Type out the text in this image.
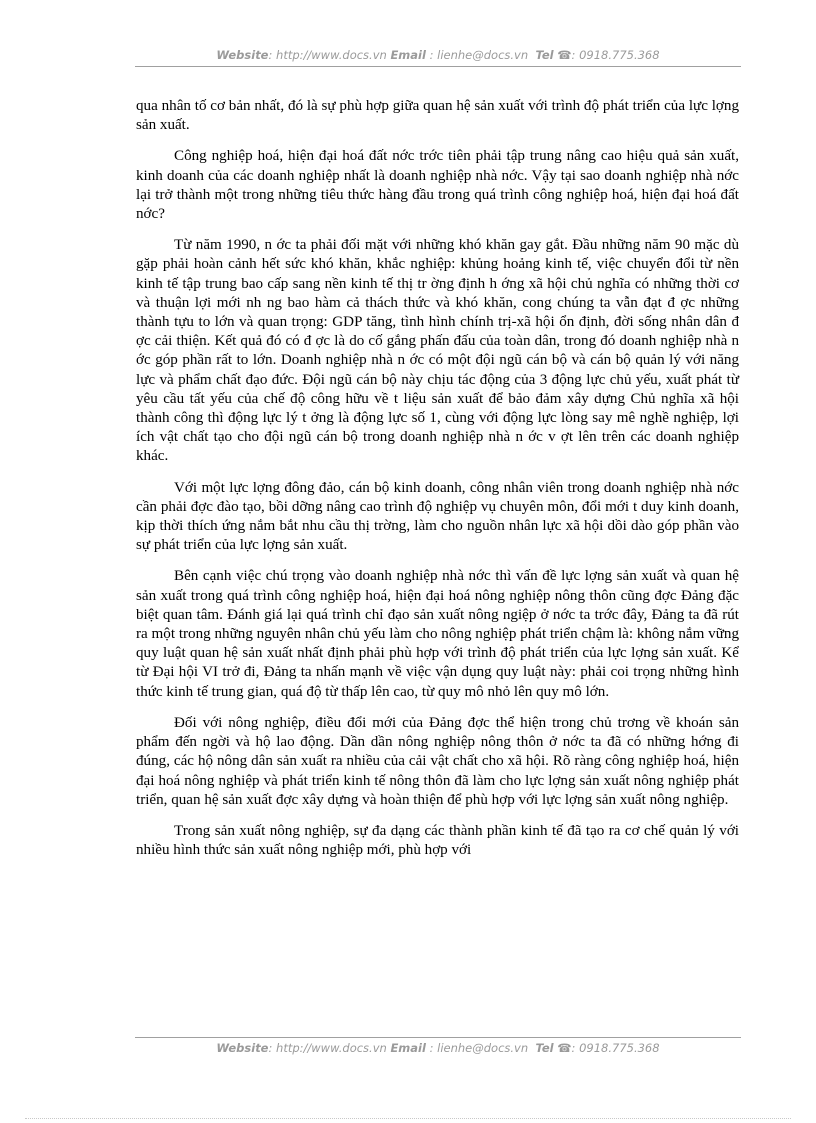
Website: http://www.docs.vn Email : lienhe@docs.vn Tel ☎: 0918.775.368

qua nhân tố cơ bản nhất, đó là sự phù hợp giữa quan hệ sản xuất với trình độ phát triển của lực lợng sản xuất.

Công nghiệp hoá, hiện đại hoá đất nớc trớc tiên phải tập trung nâng cao hiệu quả sản xuất, kinh doanh của các doanh nghiệp nhất là doanh nghiệp nhà nớc. Vậy tại sao doanh nghiệp nhà nớc lại trở thành một trong những tiêu thức hàng đầu trong quá trình công nghiệp hoá, hiện đại hoá đất nớc?

Từ năm 1990, n ớc ta phải đối mặt với những khó khăn gay gắt. Đầu những năm 90 mặc dù gặp phải hoàn cảnh hết sức khó khăn, khắc nghiệp: khủng hoảng kinh tế, việc chuyển đổi từ nền kinh tế tập trung bao cấp sang nền kinh tế thị tr ờng định h ớng xã hội chủ nghĩa có những thời cơ và thuận lợi mới nh ng bao hàm cả thách thức và khó khăn, cong chúng ta vẫn đạt đ ợc những thành tựu to lớn và quan trọng: GDP tăng, tình hình chính trị-xã hội ổn định, đời sống nhân dân đ ợc cải thiện. Kết quả đó có đ ợc là do cố gắng phấn đấu của toàn dân, trong đó doanh nghiệp nhà n ớc góp phần rất to lớn. Doanh nghiệp nhà n ớc có một đội ngũ cán bộ và cán bộ quản lý với năng lực và phẩm chất đạo đức. Đội ngũ cán bộ này chịu tác động của 3 động lực chủ yếu, xuất phát từ yêu cầu tất yếu của chế độ công hữu về t liệu sản xuất để bảo đảm xây dựng Chủ nghĩa xã hội thành công thì động lực lý t ởng là động lực số 1, cùng với động lực lòng say mê nghề nghiệp, lợi ích vật chất tạo cho đội ngũ cán bộ trong doanh nghiệp nhà n ớc v ợt lên trên các doanh nghiệp khác.

Với một lực lợng đông đảo, cán bộ kinh doanh, công nhân viên trong doanh nghiệp nhà nớc cần phải đợc đào tạo, bồi dỡng nâng cao trình độ nghiệp vụ chuyên môn, đổi mới t duy kinh doanh, kịp thời thích ứng nắm bắt nhu cầu thị trờng, làm cho nguồn nhân lực xã hội dồi dào góp phần vào sự phát triển của lực lợng sản xuất.

Bên cạnh việc chú trọng vào doanh nghiệp nhà nớc thì vấn đề lực lợng sản xuất và quan hệ sản xuất trong quá trình công nghiệp hoá, hiện đại hoá nông nghiệp nông thôn cũng đợc Đảng đặc biệt quan tâm. Đánh giá lại quá trình chỉ đạo sản xuất nông ngiệp ở nớc ta trớc đây, Đảng ta đã rút ra một trong những nguyên nhân chủ yếu làm cho nông nghiệp phát triển chậm là: không nắm vững quy luật quan hệ sản xuất nhất định phải phù hợp với trình độ phát triển của lực lợng sản xuất. Kể từ Đại hội VI trở đi, Đảng ta nhấn mạnh về việc vận dụng quy luật này: phải coi trọng những hình thức kinh tế trung gian, quá độ từ thấp lên cao, từ quy mô nhỏ lên quy mô lớn.

Đối với nông nghiệp, điều đổi mới của Đảng đợc thể hiện trong chủ trơng về khoán sản phẩm đến ngời và hộ lao động. Dần dần nông nghiệp nông thôn ở nớc ta đã có những hớng đi đúng, các hộ nông dân sản xuất ra nhiều của cải vật chất cho xã hội. Rõ ràng công nghiệp hoá, hiện đại hoá nông nghiệp và phát triển kinh tế nông thôn đã làm cho lực lợng sản xuất nông nghiệp phát triển, quan hệ sản xuất đợc xây dựng và hoàn thiện để phù hợp với lực lợng sản xuất nông nghiệp.

Trong sản xuất nông nghiệp, sự đa dạng các thành phần kinh tế đã tạo ra cơ chế quản lý với nhiều hình thức sản xuất nông nghiệp mới, phù hợp với

Website: http://www.docs.vn Email : lienhe@docs.vn Tel ☎: 0918.775.368
